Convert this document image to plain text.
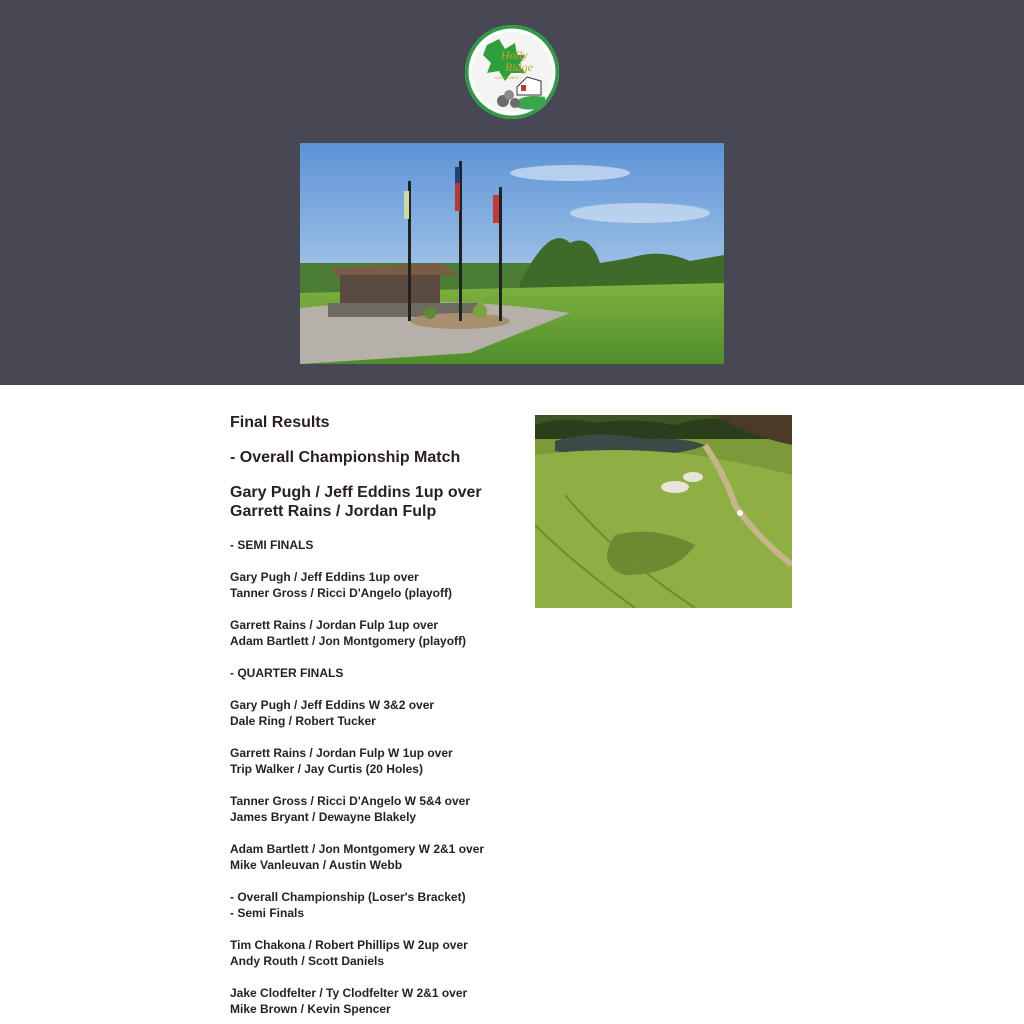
Holly
Ridge
GOLF LINKS

Final Results

- Overall Championship Match

Gary Pugh / Jeff Eddins 1up over

Garrett Rains / Jordan Fulp

- SEMI FINALS

Gary Pugh / Jeff Eddins 1up over

Tanner Gross / Ricci D'Angelo (playoff)

Garrett Rains / Jordan Fulp 1up over

Adam Bartlett / Jon Montgomery (playoff)

- QUARTER FINALS

Gary Pugh / Jeff Eddins W 3&2 over

Dale Ring / Robert Tucker

Garrett Rains / Jordan Fulp W 1up over

Trip Walker / Jay Curtis (20 Holes)

Tanner Gross / Ricci D'Angelo W 5&4 over

James Bryant / Dewayne Blakely

Adam Bartlett / Jon Montgomery W 2&1 over

Mike Vanleuvan / Austin Webb

- Overall Championship (Loser's Bracket)

- Semi Finals

Tim Chakona / Robert Phillips W 2up over

Andy Routh / Scott Daniels

Jake Clodfelter / Ty Clodfelter W 2&1 over

Mike Brown / Kevin Spencer
